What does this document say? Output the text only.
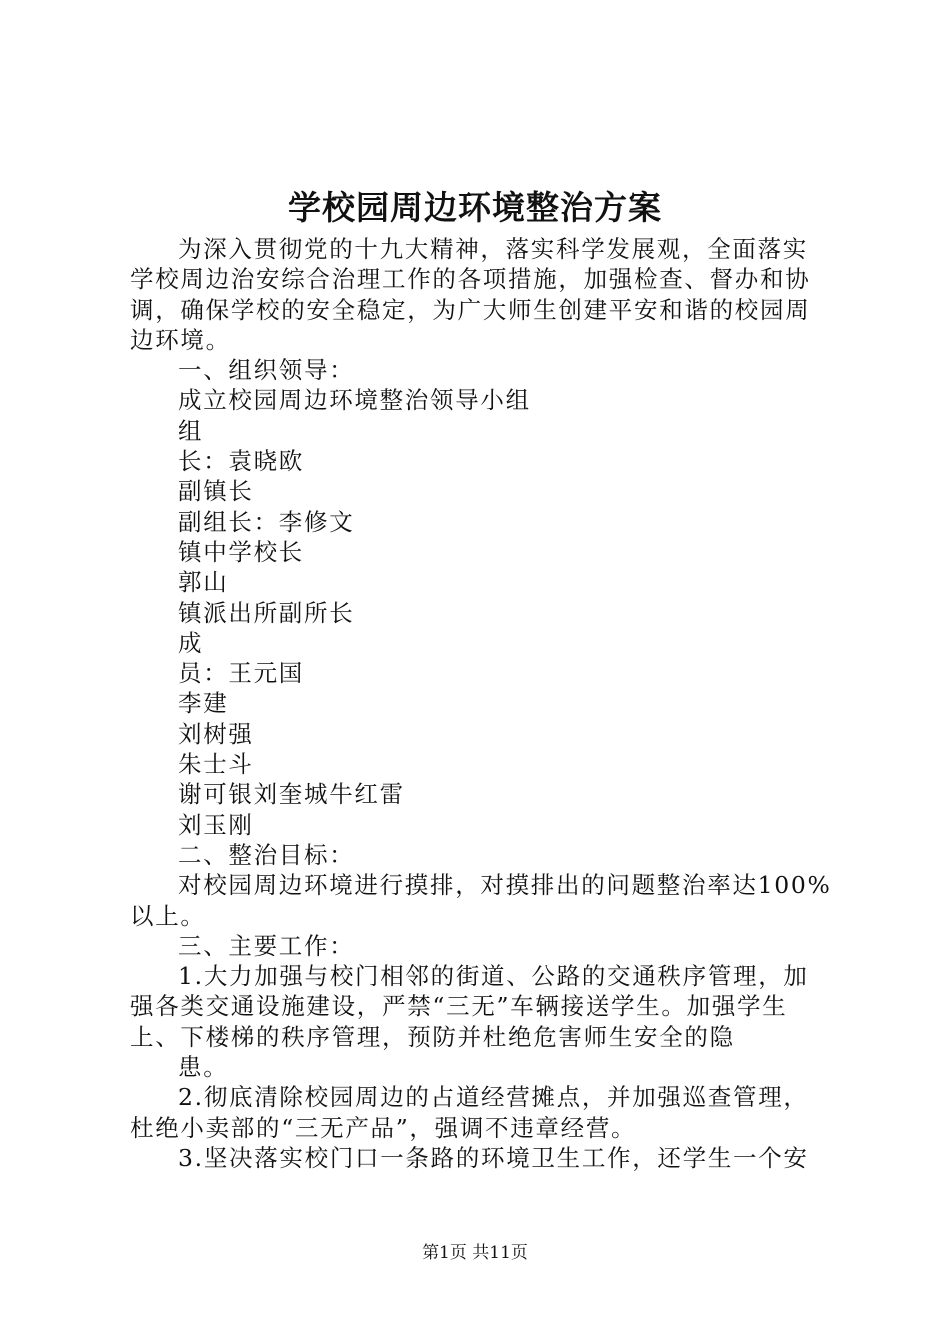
学校园周边环境整治方案
为深入贯彻党的十九大精神，落实科学发展观，全面落实
学校周边治安综合治理工作的各项措施，加强检查、督办和协
调，确保学校的安全稳定，为广大师生创建平安和谐的校园周
边环境。
一、组织领导：
成立校园周边环境整治领导小组
组
长：袁晓欧
副镇长
副组长：李修文
镇中学校长
郭山
镇派出所副所长
成
员：王元国
李建
刘树强
朱士斗
谢可银刘奎城牛红雷
刘玉刚
二、整治目标：
对校园周边环境进行摸排，对摸排出的问题整治率达100%
以上。
三、主要工作：
1.大力加强与校门相邻的街道、公路的交通秩序管理，加
强各类交通设施建设，严禁“三无”车辆接送学生。加强学生
上、下楼梯的秩序管理，预防并杜绝危害师生安全的隐
患。
2.彻底清除校园周边的占道经营摊点，并加强巡查管理，
杜绝小卖部的“三无产品”，强调不违章经营。
3.坚决落实校门口一条路的环境卫生工作，还学生一个安
第1页 共11页
